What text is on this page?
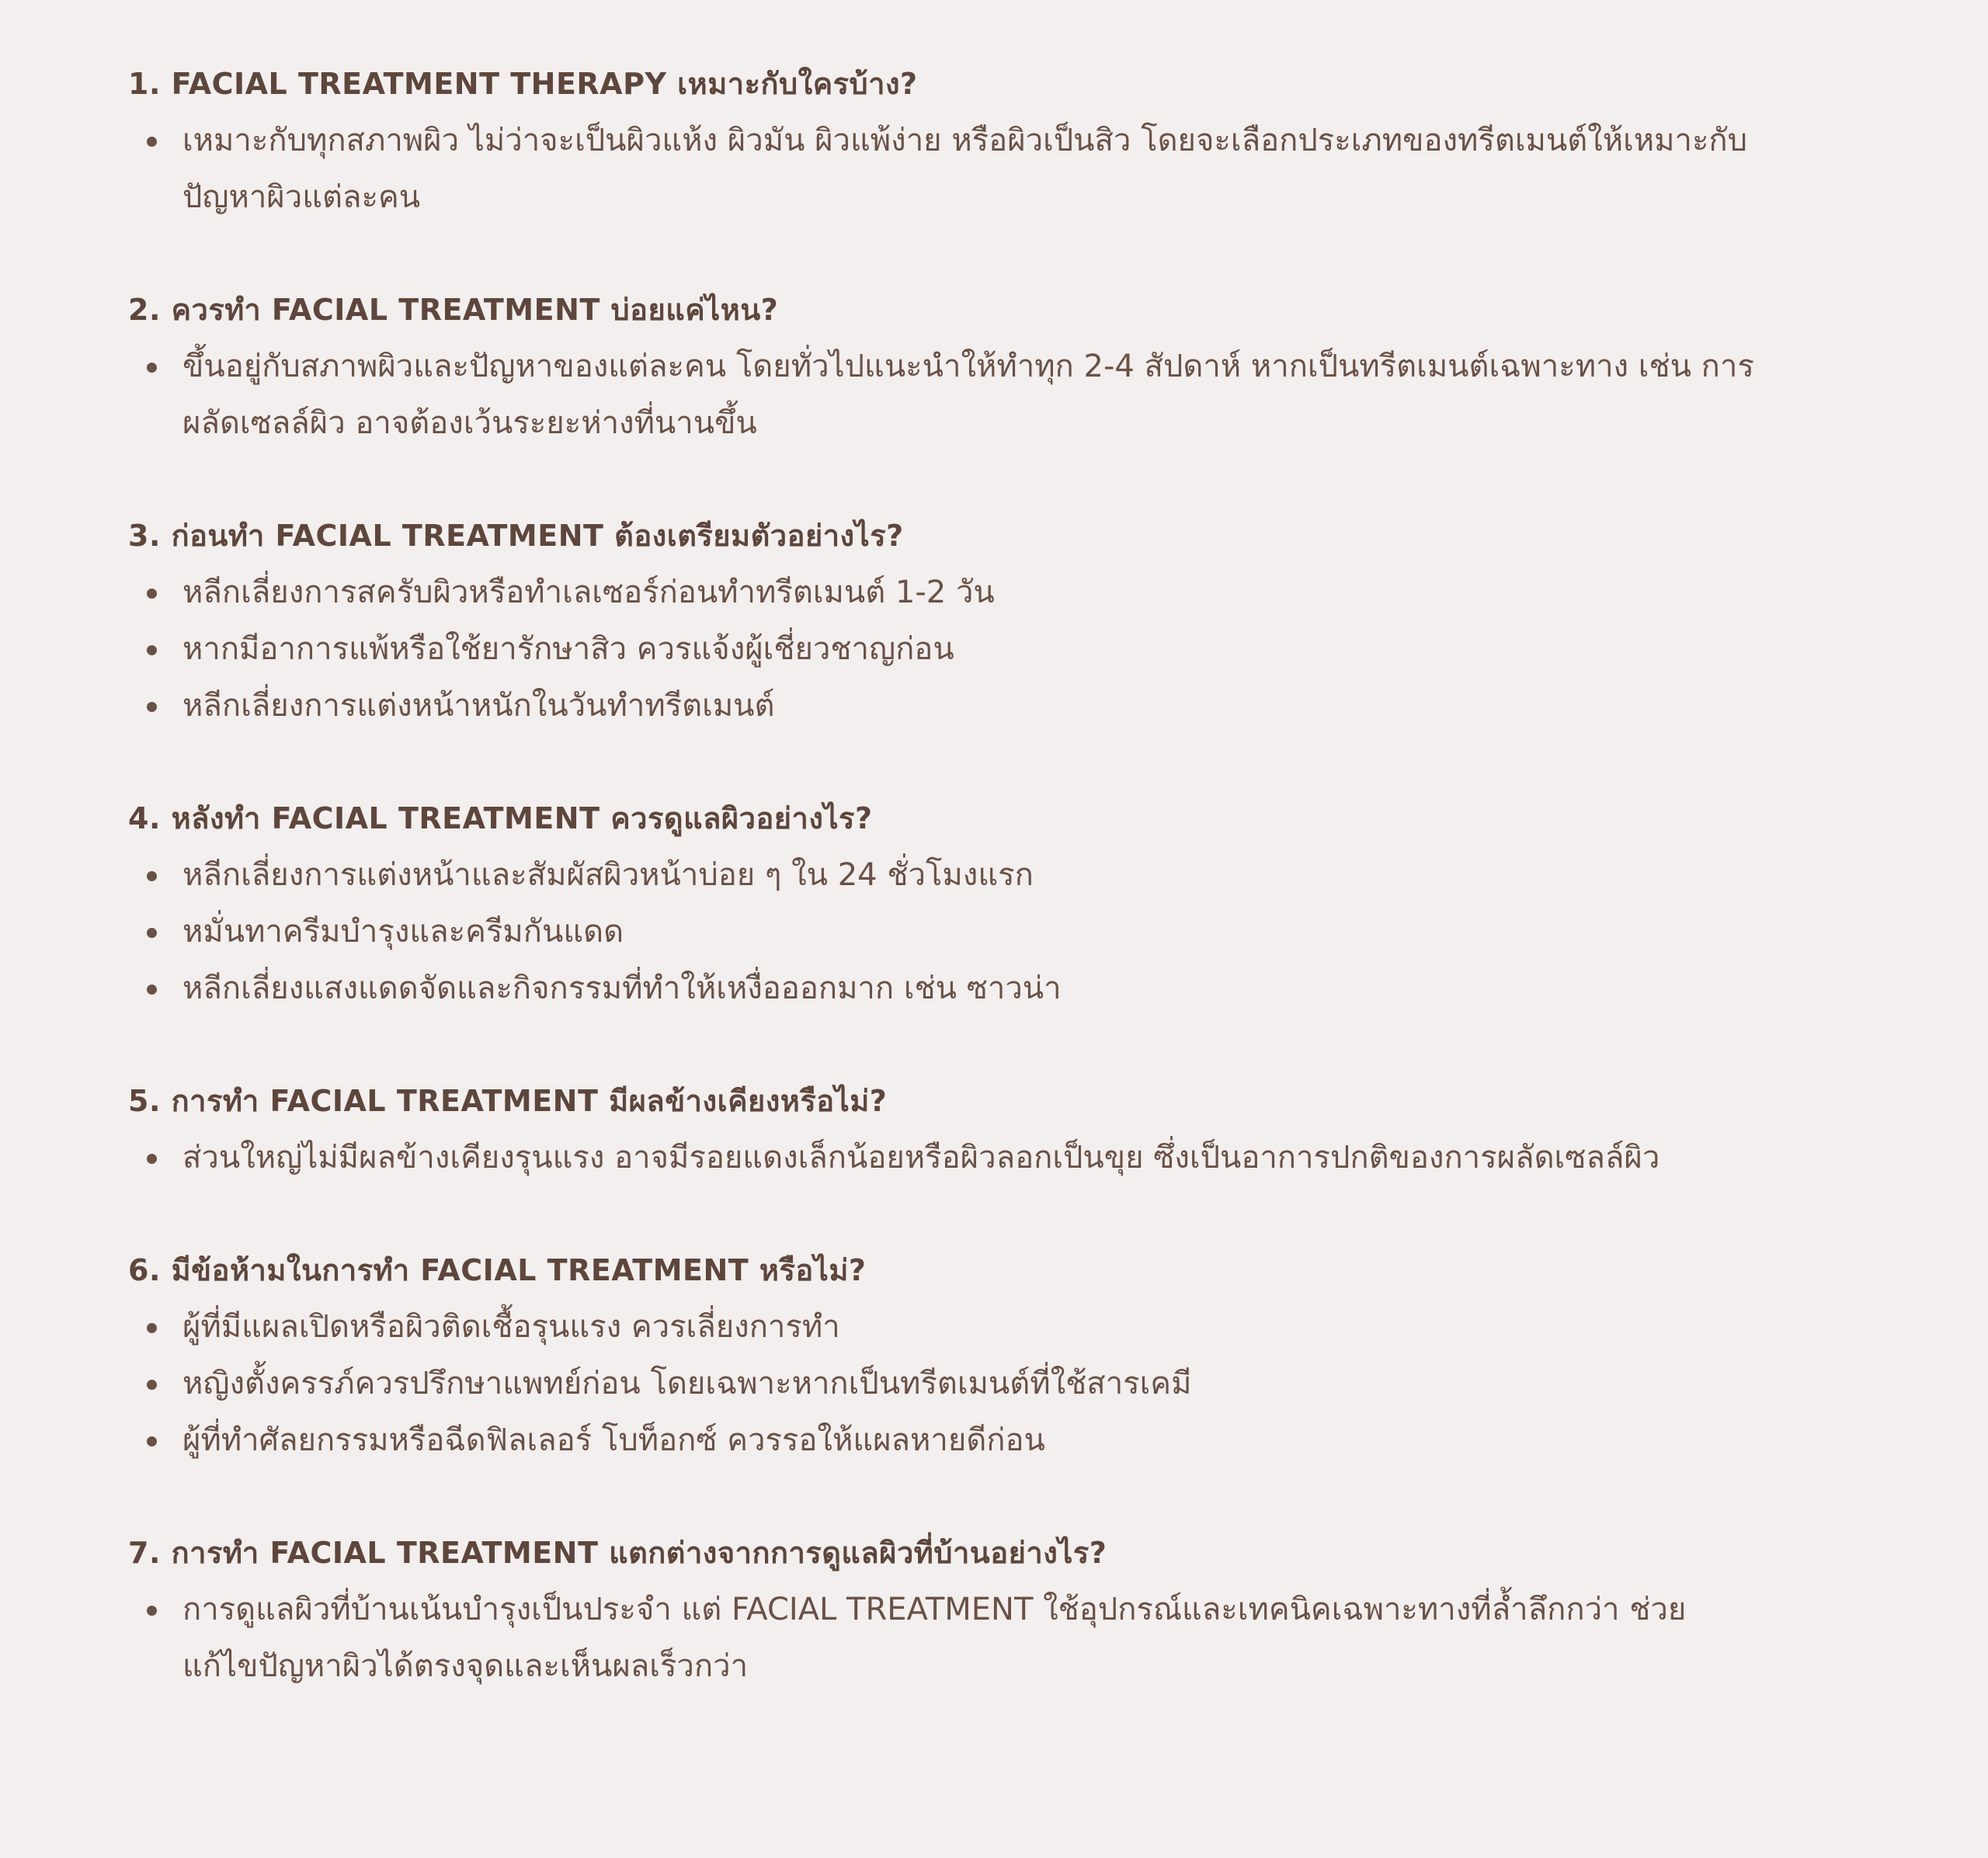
1. FACIAL TREATMENT THERAPY เหมาะกับใครบ้าง?
เหมาะกับทุกสภาพผิว ไม่ว่าจะเป็นผิวแห้ง ผิวมัน ผิวแพ้ง่าย หรือผิวเป็นสิว โดยจะเลือกประเภทของทรีตเมนต์ให้เหมาะกับปัญหาผิวแต่ละคน
2. ควรทำ FACIAL TREATMENT บ่อยแค่ไหน?
ขึ้นอยู่กับสภาพผิวและปัญหาของแต่ละคน โดยทั่วไปแนะนำให้ทำทุก 2-4 สัปดาห์ หากเป็นทรีตเมนต์เฉพาะทาง เช่น การผลัดเซลล์ผิว อาจต้องเว้นระยะห่างที่นานขึ้น
3. ก่อนทำ FACIAL TREATMENT ต้องเตรียมตัวอย่างไร?
หลีกเลี่ยงการสครับผิวหรือทำเลเซอร์ก่อนทำทรีตเมนต์ 1-2 วัน
หากมีอาการแพ้หรือใช้ยารักษาสิว ควรแจ้งผู้เชี่ยวชาญก่อน
หลีกเลี่ยงการแต่งหน้าหนักในวันทำทรีตเมนต์
4. หลังทำ FACIAL TREATMENT ควรดูแลผิวอย่างไร?
หลีกเลี่ยงการแต่งหน้าและสัมผัสผิวหน้าบ่อย ๆ ใน 24 ชั่วโมงแรก
หมั่นทาครีมบำรุงและครีมกันแดด
หลีกเลี่ยงแสงแดดจัดและกิจกรรมที่ทำให้เหงื่อออกมาก เช่น ซาวน่า
5. การทำ FACIAL TREATMENT มีผลข้างเคียงหรือไม่?
ส่วนใหญ่ไม่มีผลข้างเคียงรุนแรง อาจมีรอยแดงเล็กน้อยหรือผิวลอกเป็นขุย ซึ่งเป็นอาการปกติของการผลัดเซลล์ผิว
6. มีข้อห้ามในการทำ FACIAL TREATMENT หรือไม่?
ผู้ที่มีแผลเปิดหรือผิวติดเชื้อรุนแรง ควรเลี่ยงการทำ
หญิงตั้งครรภ์ควรปรึกษาแพทย์ก่อน โดยเฉพาะหากเป็นทรีตเมนต์ที่ใช้สารเคมี
ผู้ที่ทำศัลยกรรมหรือฉีดฟิลเลอร์ โบท็อกซ์ ควรรอให้แผลหายดีก่อน
7. การทำ FACIAL TREATMENT แตกต่างจากการดูแลผิวที่บ้านอย่างไร?
การดูแลผิวที่บ้านเน้นบำรุงเป็นประจำ แต่ FACIAL TREATMENT ใช้อุปกรณ์และเทคนิคเฉพาะทางที่ล้ำลึกกว่า ช่วยแก้ไขปัญหาผิวได้ตรงจุดและเห็นผลเร็วกว่า
